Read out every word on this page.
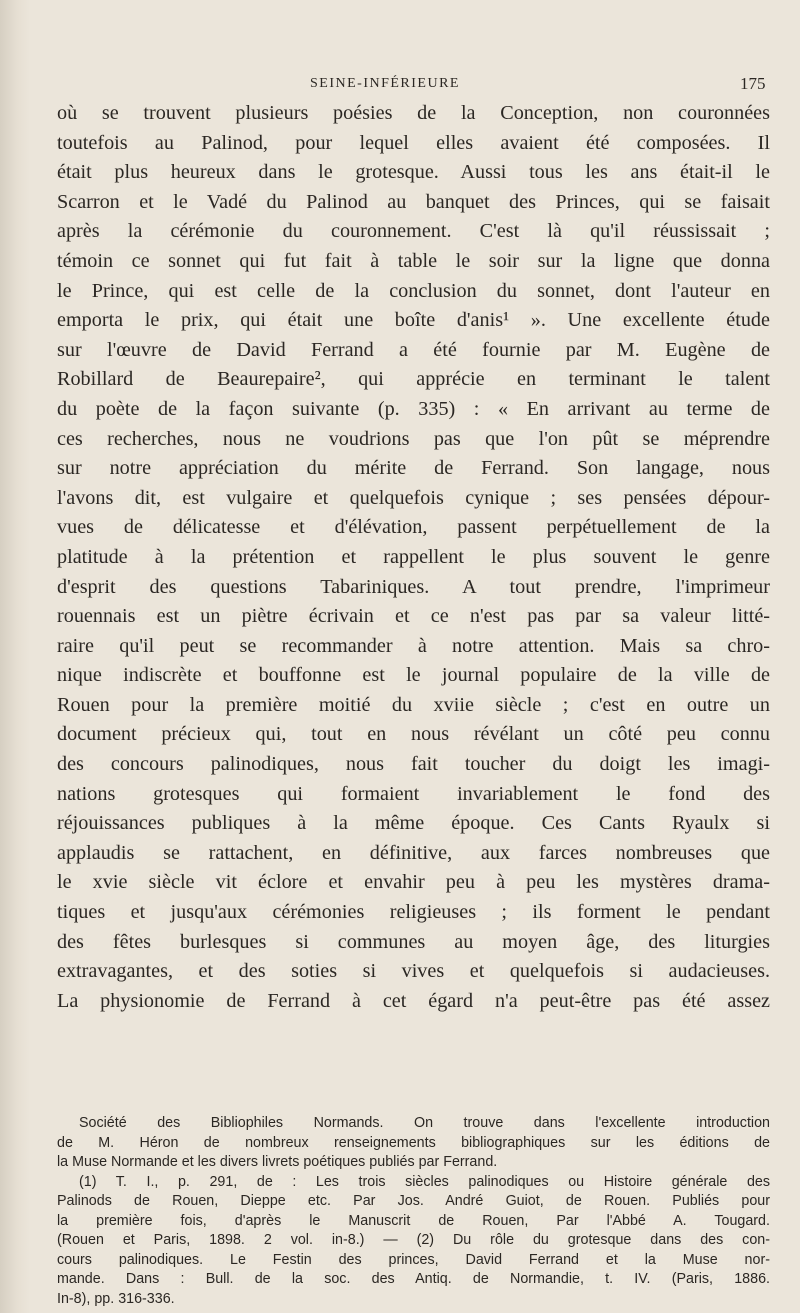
SEINE-INFÉRIEURE	175
où se trouvent plusieurs poésies de la Conception, non couronnées
toutefois au Palinod, pour lequel elles avaient été composées. Il
était plus heureux dans le grotesque. Aussi tous les ans était-il le
Scarron et le Vadé du Palinod au banquet des Princes, qui se faisait
après la cérémonie du couronnement. C'est là qu'il réussissait ;
témoin ce sonnet qui fut fait à table le soir sur la ligne que donna
le Prince, qui est celle de la conclusion du sonnet, dont l'auteur en
emporta le prix, qui était une boîte d'anis¹ ». Une excellente étude
sur l'œuvre de David Ferrand a été fournie par M. Eugène de
Robillard de Beaurepaire², qui apprécie en terminant le talent
du poète de la façon suivante (p. 335) : « En arrivant au terme de
ces recherches, nous ne voudrions pas que l'on pût se méprendre
sur notre appréciation du mérite de Ferrand. Son langage, nous
l'avons dit, est vulgaire et quelquefois cynique ; ses pensées dépour-
vues de délicatesse et d'élévation, passent perpétuellement de la
platitude à la prétention et rappellent le plus souvent le genre
d'esprit des questions Tabariniques. A tout prendre, l'imprimeur
rouennais est un piètre écrivain et ce n'est pas par sa valeur litté-
raire qu'il peut se recommander à notre attention. Mais sa chro-
nique indiscrète et bouffonne est le journal populaire de la ville de
Rouen pour la première moitié du xviie siècle ; c'est en outre un
document précieux qui, tout en nous révélant un côté peu connu
des concours palinodiques, nous fait toucher du doigt les imagi-
nations grotesques qui formaient invariablement le fond des
réjouissances publiques à la même époque. Ces Cants Ryaulx si
applaudis se rattachent, en définitive, aux farces nombreuses que
le xvie siècle vit éclore et envahir peu à peu les mystères drama-
tiques et jusqu'aux cérémonies religieuses ; ils forment le pendant
des fêtes burlesques si communes au moyen âge, des liturgies
extravagantes, et des soties si vives et quelquefois si audacieuses.
La physionomie de Ferrand à cet égard n'a peut-être pas été assez
Société des Bibliophiles Normands. On trouve dans l'excellente introduction
de M. Héron de nombreux renseignements bibliographiques sur les éditions de
la Muse Normande et les divers livrets poétiques publiés par Ferrand.
(1) T. I., p. 291, de : Les trois siècles palinodiques ou Histoire générale des
Palinods de Rouen, Dieppe etc. Par Jos. André Guiot, de Rouen. Publiés pour
la première fois, d'après le Manuscrit de Rouen, Par l'Abbé A. Tougard.
(Rouen et Paris, 1898. 2 vol. in-8.) — (2) Du rôle du grotesque dans des con-
cours palinodiques. Le Festin des princes, David Ferrand et la Muse nor-
mande. Dans : Bull. de la soc. des Antiq. de Normandie, t. IV. (Paris, 1886.
In-8), pp. 316-336.
